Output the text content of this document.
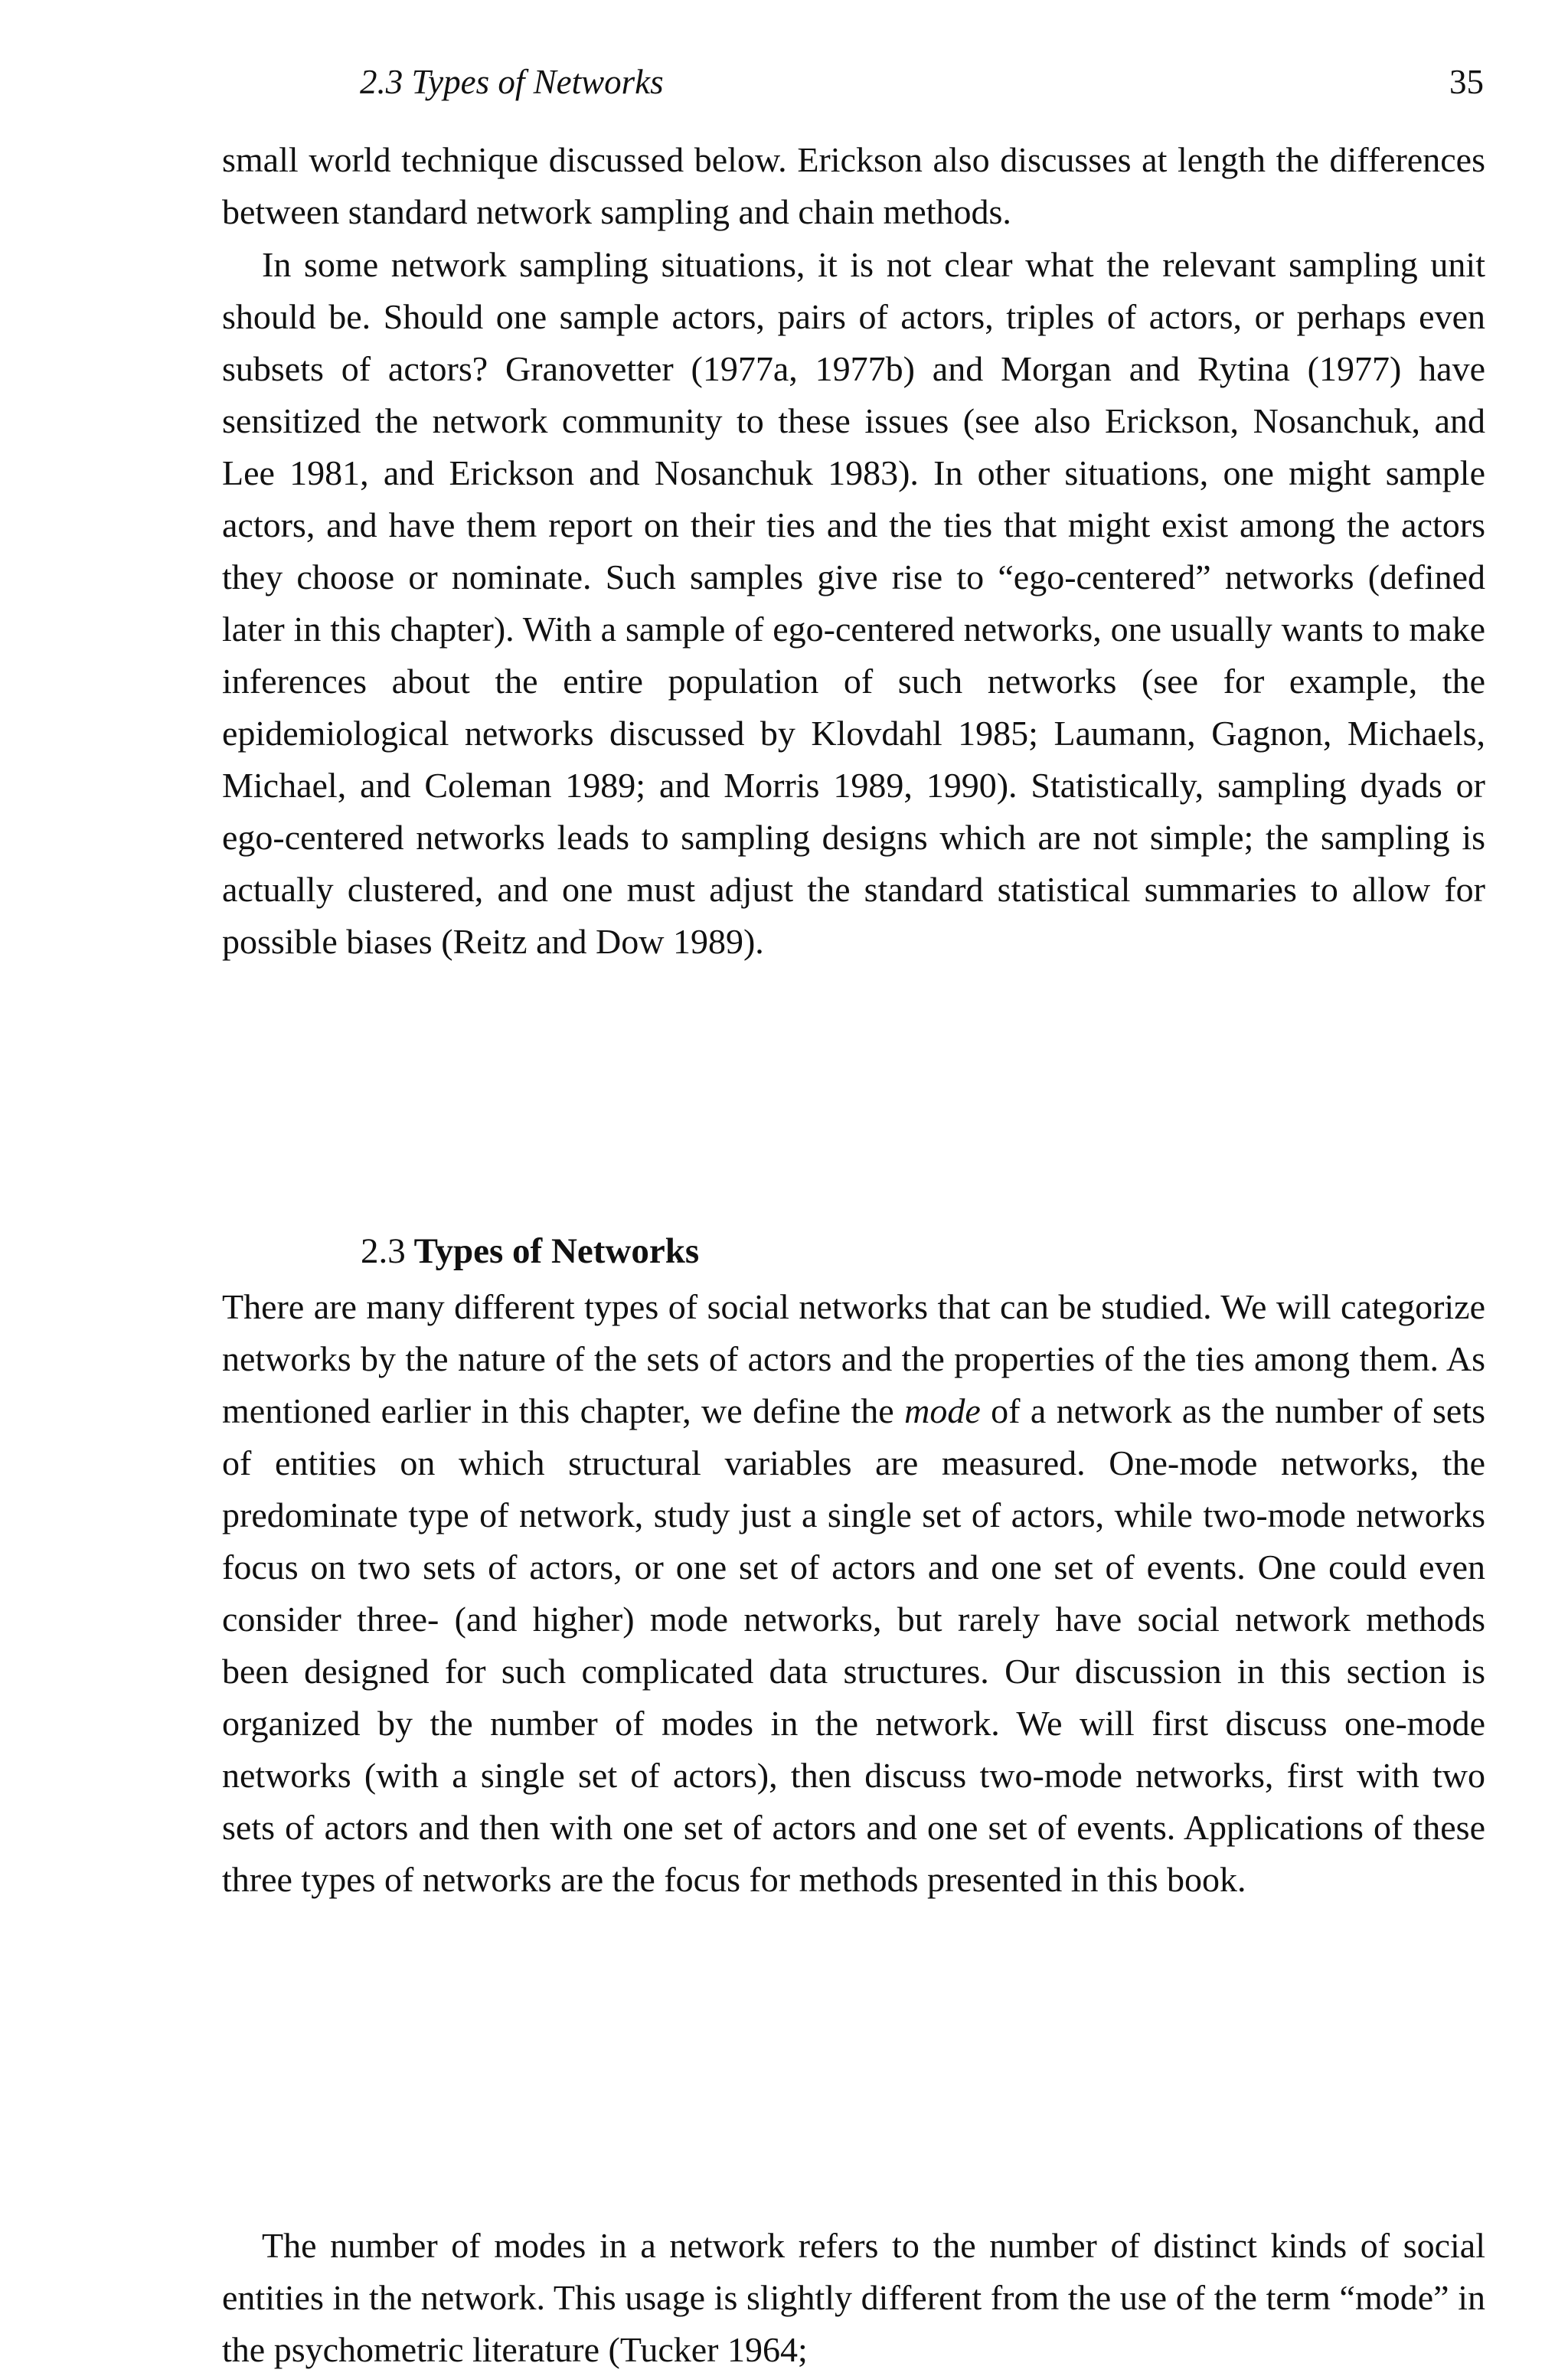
2.3 Types of Networks	35

small world technique discussed below. Erickson also discusses at length the differences between standard network sampling and chain methods.

In some network sampling situations, it is not clear what the relevant sampling unit should be. Should one sample actors, pairs of actors, triples of actors, or perhaps even subsets of actors? Granovetter (1977a, 1977b) and Morgan and Rytina (1977) have sensitized the network community to these issues (see also Erickson, Nosanchuk, and Lee 1981, and Erickson and Nosanchuk 1983). In other situations, one might sample actors, and have them report on their ties and the ties that might exist among the actors they choose or nominate. Such samples give rise to “ego-centered” networks (defined later in this chapter). With a sample of ego-centered networks, one usually wants to make inferences about the entire population of such networks (see for example, the epidemiological networks discussed by Klovdahl 1985; Laumann, Gagnon, Michaels, Michael, and Coleman 1989; and Morris 1989, 1990). Statistically, sampling dyads or ego-centered networks leads to sampling designs which are not simple; the sampling is actually clustered, and one must adjust the standard statistical summaries to allow for possible biases (Reitz and Dow 1989).

2.3 Types of Networks

There are many different types of social networks that can be studied. We will categorize networks by the nature of the sets of actors and the properties of the ties among them. As mentioned earlier in this chapter, we define the mode of a network as the number of sets of entities on which structural variables are measured. One-mode networks, the predominate type of network, study just a single set of actors, while two-mode networks focus on two sets of actors, or one set of actors and one set of events. One could even consider three- (and higher) mode networks, but rarely have social network methods been designed for such complicated data structures. Our discussion in this section is organized by the number of modes in the network. We will first discuss one-mode networks (with a single set of actors), then discuss two-mode networks, first with two sets of actors and then with one set of actors and one set of events. Applications of these three types of networks are the focus for methods presented in this book.

The number of modes in a network refers to the number of distinct kinds of social entities in the network. This usage is slightly different from the use of the term “mode” in the psychometric literature (Tucker 1964;
